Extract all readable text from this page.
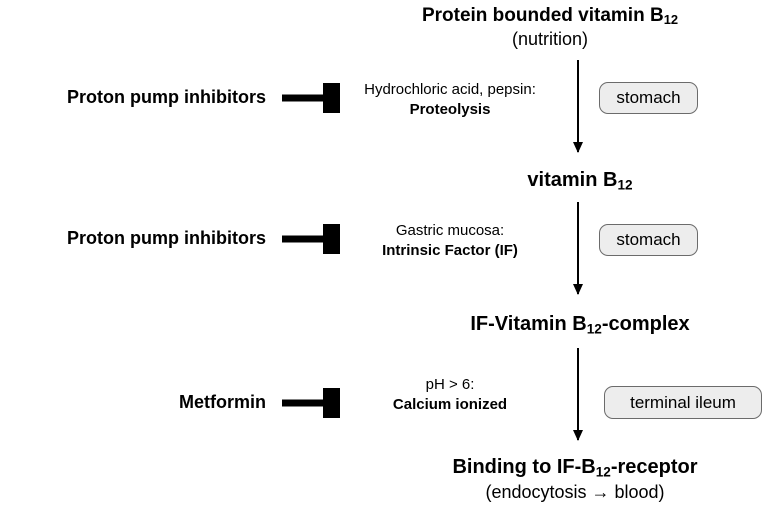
Protein bounded vitamin $B_{12}$
(nutrition)
Hydrochloric acid, pepsin:
Proteolysis
stomach
Proton pump inhibitors
vitamin $B_{12}$
Gastric mucosa:
Intrinsic Factor (IF)
stomach
Proton pump inhibitors
IF-Vitamin $B_{12}$-complex
pH > 6:
Calcium ionized	terminal ileum
Metformin
Binding to $IF-B_{12}$-receptor
(endocytosis → blood)
